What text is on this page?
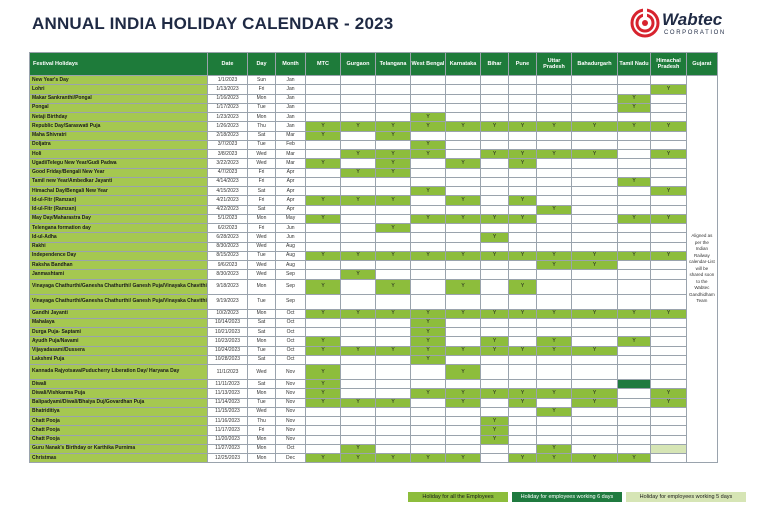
ANNUAL INDIA HOLIDAY CALENDAR - 2023	Wabtec
CORPORATION
Festival Holidays	Date	Day	Month	MTC	Gurgaon	Telangana	West Bengal	Karnataka	Bihar	Pune	Uttar Pradesh	Bahadurgarh	Tamil Nadu	Himachal Pradesh	Gujarat
New Year's Day	1/1/2023	Sun	Jan												Aligned as per the Indian Railway calendar-List will be shared soon to the Wabtec Gandhidham Team
Lohri	1/13/2023	Fri	Jan											Y	
Makar Sankranthi/Pongal	1/16/2023	Mon	Jan										Y		
Pongal	1/17/2023	Tue	Jan										Y		
Netaji Birthday	1/23/2023	Mon	Jan				Y								
Republic Day/Saraswati Puja	1/26/2023	Thu	Jan	Y	Y	Y	Y	Y	Y	Y	Y	Y	Y	Y	
Maha Shivratri	2/18/2023	Sat	Mar	Y		Y									
Doljatra	3/7/2023	Tue	Feb				Y								
Holi	3/8/2023	Wed	Mar		Y	Y	Y		Y	Y	Y	Y		Y	
Ugadi/Telegu New Year/Gudi Padwa	3/22/2023	Wed	Mar	Y		Y		Y		Y					
Good Friday/Bengali New Year	4/7/2023	Fri	Apr		Y	Y									
Tamil new Year/Ambedkar Jayanti	4/14/2023	Fri	Apr										Y		
Himachal Day/Bengali New Year	4/15/2023	Sat	Apr				Y							Y	
Id-ul-Fitr (Ramzan)	4/21/2023	Fri	Apr	Y	Y	Y		Y		Y					
Id-ul-Fitr (Ramzan)	4/22/2023	Sat	Apr								Y				
May Day/Maharastra Day	5/1/2023	Mon	May	Y			Y	Y	Y	Y			Y	Y	
Telengana formation day	6/2/2023	Fri	Jun			Y									
Id-ul-Adha	6/28/2023	Wed	Jun						Y						
Rakhi	8/30/2023	Wed	Aug												
Independence Day	8/15/2023	Tue	Aug	Y	Y	Y	Y	Y	Y	Y	Y	Y	Y	Y	
Raksha Bandhan	9/6/2023	Wed	Aug								Y	Y			
Janmashtami	8/30/2023	Wed	Sep		Y										
Vinayaga Chathurthi/Ganesha Chathurthi/ Ganesh Puja/Vinayaka Chavithi	9/18/2023	Mon	Sep	Y		Y		Y		Y					
Vinayaga Chathurthi/Ganesha Chathurthi/ Ganesh Puja/Vinayaka Chavithi	9/19/2023	Tue	Sep												
Gandhi Jayanti	10/2/2023	Mon	Oct	Y	Y	Y	Y	Y	Y	Y	Y	Y	Y	Y	
Mahalaya	10/14/2023	Sat	Oct				Y								
Durga Puja- Saptami	10/21/2023	Sat	Oct				Y								
Ayudh Puja/Navami	10/23/2023	Mon	Oct	Y			Y		Y		Y		Y		
Vijayadasami/Dussera	10/24/2023	Tue	Oct	Y	Y	Y	Y	Y	Y	Y	Y	Y			
Lakshmi Puja	10/28/2023	Sat	Oct				Y								
Kannada Rajyotsava/Puducherry Liberation Day/ Haryana Day	11/1/2023	Wed	Nov	Y				Y							
Diwali	11/11/2023	Sat	Nov	Y											
Diwali/Vishkarma Puja	11/13/2023	Mon	Nov	Y			Y	Y	Y	Y	Y	Y		Y	
Balipadyami/Diwali/Bhaiya Duj/Govardhan Puja	11/14/2023	Tue	Nov	Y	Y	Y		Y		Y		Y		Y	
Bhatriditiya	11/15/2023	Wed	Nov								Y				
Chatt Pooja	11/16/2023	Thu	Nov						Y						
Chatt Pooja	11/17/2023	Fri	Nov						Y						
Chatt Pooja	11/20/2023	Mon	Nov						Y						
Guru Nanak's Birthday or Karthika Purnima	11/27/2023	Mon	Oct		Y						Y				
Christmas	12/25/2023	Mon	Dec	Y	Y	Y	Y	Y		Y	Y	Y	Y		
Holiday for all the Employees	Holiday for employees working 6 days	Holiday for employees working 5 days
